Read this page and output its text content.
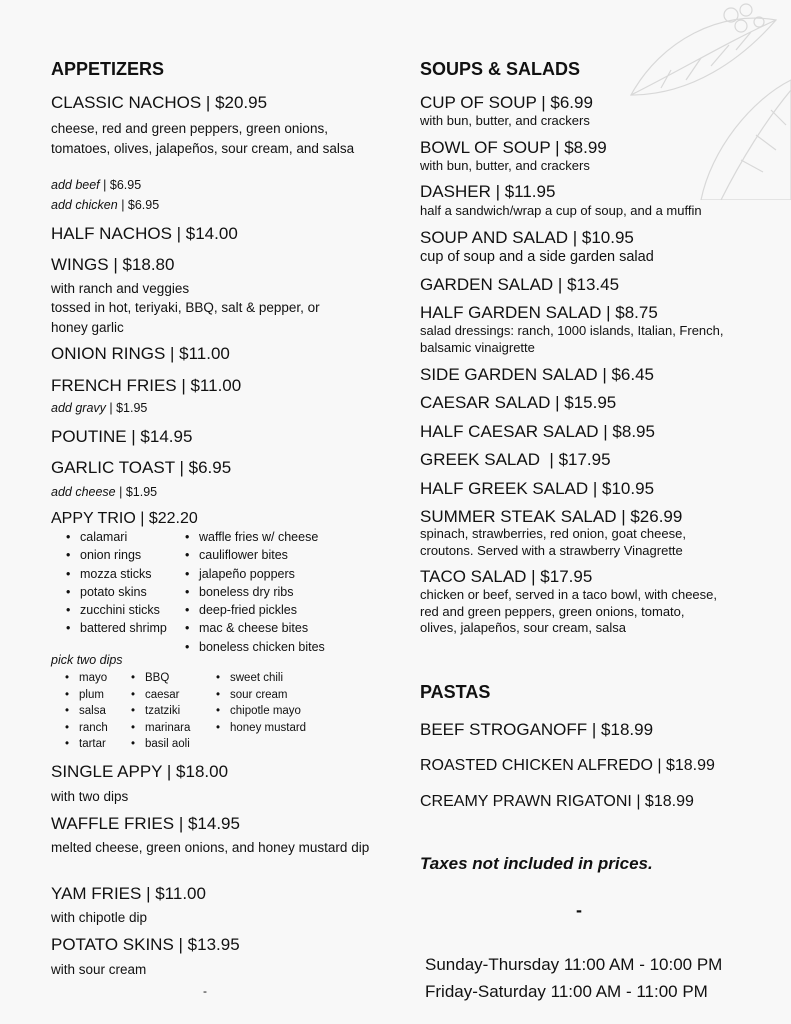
APPETIZERS
CLASSIC NACHOS | $20.95
cheese, red and green peppers, green onions, tomatoes, olives, jalapeños, sour cream, and salsa
add beef | $6.95
add chicken | $6.95
HALF NACHOS | $14.00
WINGS | $18.80
with ranch and veggies
tossed in hot, teriyaki, BBQ, salt & pepper, or honey garlic
ONION RINGS | $11.00
FRENCH FRIES | $11.00
add gravy | $1.95
POUTINE | $14.95
GARLIC TOAST | $6.95
add cheese | $1.95
APPY TRIO | $22.20
• calamari
• onion rings
• mozza sticks
• potato skins
• zucchini sticks
• battered shrimp
• waffle fries w/ cheese
• cauliflower bites
• jalapeño poppers
• boneless dry ribs
• deep-fried pickles
• mac & cheese bites
• boneless chicken bites
pick two dips
• mayo
• plum
• salsa
• ranch
• tartar
• BBQ
• caesar
• tzatziki
• marinara
• basil aoli
• sweet chili
• sour cream
• chipotle mayo
• honey mustard
SINGLE APPY | $18.00
with two dips
WAFFLE FRIES | $14.95
melted cheese, green onions, and honey mustard dip
YAM FRIES | $11.00
with chipotle dip
POTATO SKINS | $13.95
with sour cream
-
SOUPS & SALADS
CUP OF SOUP | $6.99
with bun, butter, and crackers
BOWL OF SOUP | $8.99
with bun, butter, and crackers
DASHER | $11.95
half a sandwich/wrap a cup of soup, and a muffin
SOUP AND SALAD | $10.95
cup of soup and a side garden salad
GARDEN SALAD | $13.45
HALF GARDEN SALAD | $8.75
salad dressings: ranch, 1000 islands, Italian, French, balsamic vinaigrette
SIDE GARDEN SALAD | $6.45
CAESAR SALAD | $15.95
HALF CAESAR SALAD | $8.95
GREEK SALAD  | $17.95
HALF GREEK SALAD | $10.95
SUMMER STEAK SALAD | $26.99
spinach, strawberries, red onion, goat cheese, croutons. Served with a strawberry Vinagrette
TACO SALAD | $17.95
chicken or beef, served in a taco bowl, with cheese, red and green peppers, green onions, tomato, olives, jalapeños, sour cream, salsa
PASTAS
BEEF STROGANOFF | $18.99
ROASTED CHICKEN ALFREDO | $18.99
CREAMY PRAWN RIGATONI | $18.99
Taxes not included in prices.
-
Sunday-Thursday 11:00 AM - 10:00 PM
Friday-Saturday 11:00 AM - 11:00 PM
